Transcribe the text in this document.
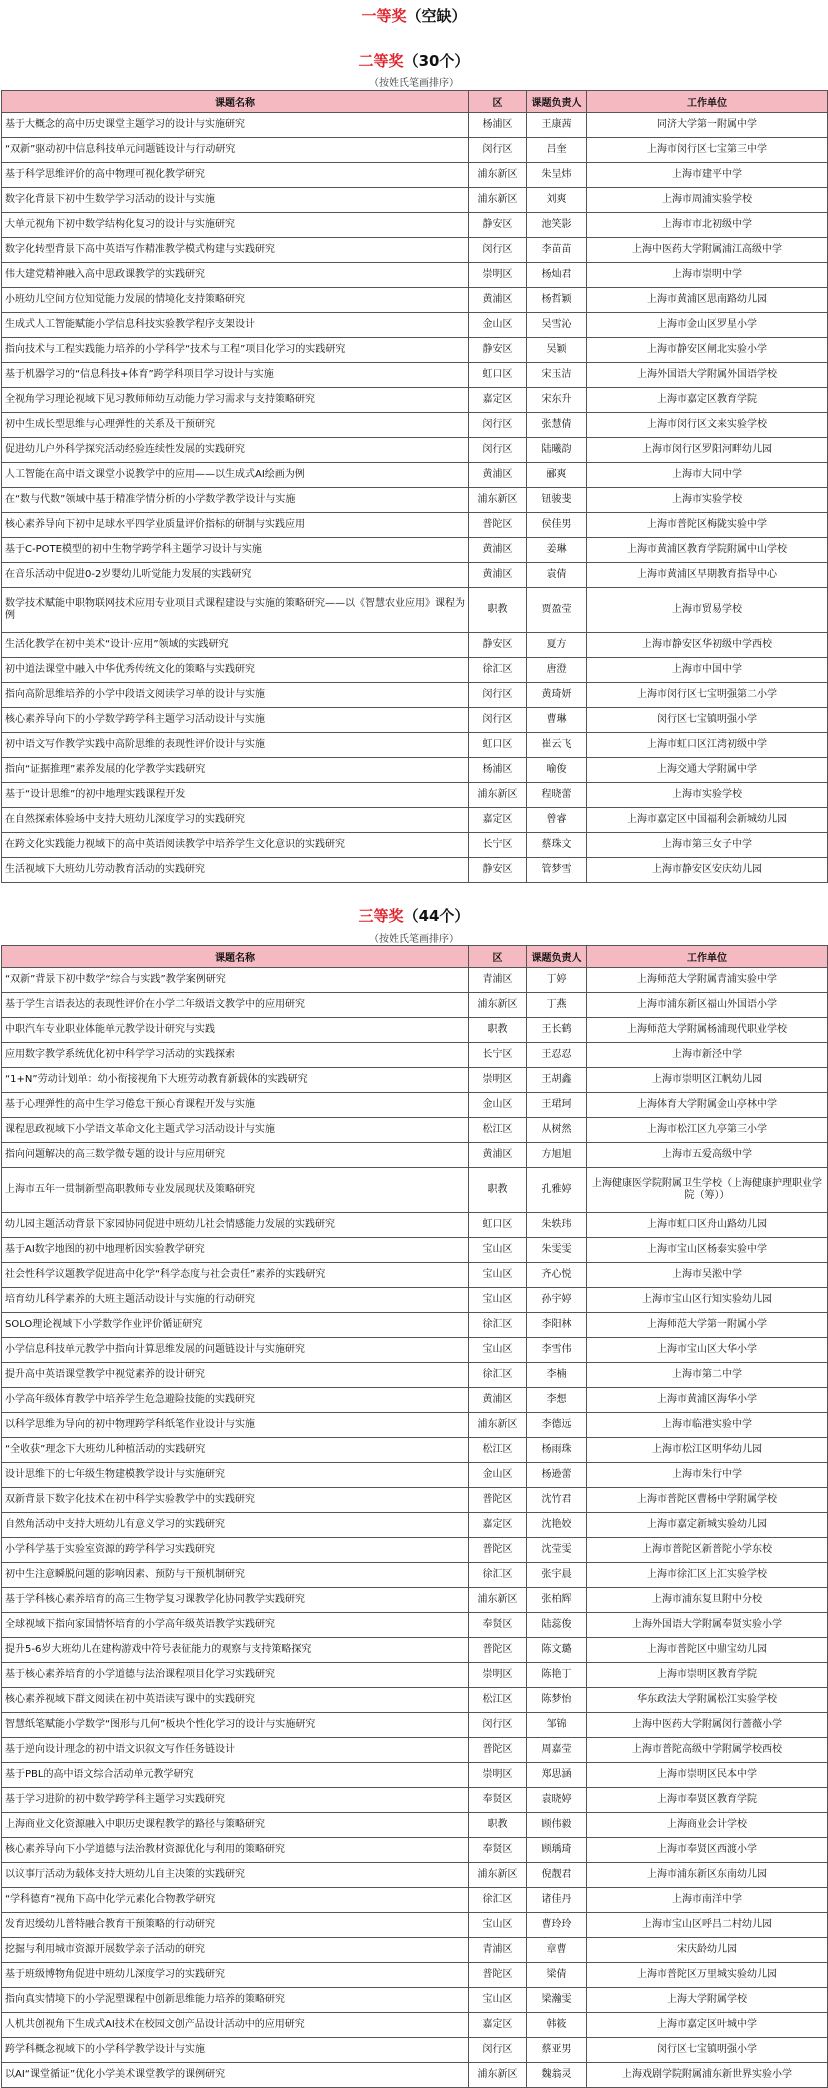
一等奖（空缺）
二等奖（30个）
（按姓氏笔画排序）
课题名称	区	课题负责人	工作单位
基于大概念的高中历史课堂主题学习的设计与实施研究	杨浦区	王康茜	同济大学第一附属中学
“双新”驱动初中信息科技单元问题链设计与行动研究	闵行区	吕奎	上海市闵行区七宝第三中学
基于科学思维评价的高中物理可视化教学研究	浦东新区	朱呈炜	上海市建平中学
数字化背景下初中生数学学习活动的设计与实施	浦东新区	刘爽	上海市周浦实验学校
大单元视角下初中数学结构化复习的设计与实施研究	静安区	池笑影	上海市市北初级中学
数字化转型背景下高中英语写作精准教学模式构建与实践研究	闵行区	李苗苗	上海中医药大学附属浦江高级中学
伟大建党精神融入高中思政课教学的实践研究	崇明区	杨灿君	上海市崇明中学
小班幼儿空间方位知觉能力发展的情境化支持策略研究	黄浦区	杨哲颖	上海市黄浦区思南路幼儿园
生成式人工智能赋能小学信息科技实验教学程序支架设计	金山区	吴雪沁	上海市金山区罗星小学
指向技术与工程实践能力培养的小学科学“技术与工程”项目化学习的实践研究	静安区	吴颖	上海市静安区闸北实验小学
基于机器学习的“信息科技+体育”跨学科项目学习设计与实施	虹口区	宋玉洁	上海外国语大学附属外国语学校
全视角学习理论视域下见习教师师幼互动能力学习需求与支持策略研究	嘉定区	宋东升	上海市嘉定区教育学院
初中生成长型思维与心理弹性的关系及干预研究	闵行区	张慧倩	上海市闵行区文来实验学校
促进幼儿户外科学探究活动经验连续性发展的实践研究	闵行区	陆曦韵	上海市闵行区罗阳河畔幼儿园
人工智能在高中语文课堂小说教学中的应用——以生成式AI绘画为例	黄浦区	郦爽	上海市大同中学
在“数与代数”领域中基于精准学情分析的小学数学教学设计与实施	浦东新区	钮骏斐	上海市实验学校
核心素养导向下初中足球水平四学业质量评价指标的研制与实践应用	普陀区	侯佳男	上海市普陀区梅陇实验中学
基于C-POTE模型的初中生物学跨学科主题学习设计与实施	黄浦区	姜琳	上海市黄浦区教育学院附属中山学校
在音乐活动中促进0-2岁婴幼儿听觉能力发展的实践研究	黄浦区	袁倩	上海市黄浦区早期教育指导中心
数学技术赋能中职物联网技术应用专业项目式课程建设与实施的策略研究——以《智慧农业应用》课程为例	职教	贾盈莹	上海市贸易学校
生活化教学在初中美术“设计·应用”领域的实践研究	静安区	夏方	上海市静安区华初级中学西校
初中道法课堂中融入中华优秀传统文化的策略与实践研究	徐汇区	唐澄	上海市中国中学
指向高阶思维培养的小学中段语文阅读学习单的设计与实施	闵行区	黄琦妍	上海市闵行区七宝明强第二小学
核心素养导向下的小学数学跨学科主题学习活动设计与实施	闵行区	曹琳	闵行区七宝镇明强小学
初中语文写作教学实践中高阶思维的表现性评价设计与实施	虹口区	崔云飞	上海市虹口区江湾初级中学
指向“证据推理”素养发展的化学教学实践研究	杨浦区	喻俊	上海交通大学附属中学
基于“设计思维”的初中地理实践课程开发	浦东新区	程晓蕾	上海市实验学校
在自然探索体验场中支持大班幼儿深度学习的实践研究	嘉定区	曾睿	上海市嘉定区中国福利会新城幼儿园
在跨文化实践能力视域下的高中英语阅读教学中培养学生文化意识的实践研究	长宁区	蔡珠文	上海市第三女子中学
生活视域下大班幼儿劳动教育活动的实践研究	静安区	管梦雪	上海市静安区安庆幼儿园
三等奖（44个）
（按姓氏笔画排序）
课题名称	区	课题负责人	工作单位
“双新”背景下初中数学“综合与实践”教学案例研究	青浦区	丁婷	上海师范大学附属青浦实验中学
基于学生言语表达的表现性评价在小学二年级语文教学中的应用研究	浦东新区	丁燕	上海市浦东新区福山外国语小学
中职汽车专业职业体能单元教学设计研究与实践	职教	王长鹤	上海师范大学附属杨浦现代职业学校
应用数字教学系统优化初中科学学习活动的实践探索	长宁区	王忍忍	上海市新泾中学
“1+N”劳动计划单：幼小衔接视角下大班劳动教育新载体的实践研究	崇明区	王胡鑫	上海市崇明区江帆幼儿园
基于心理弹性的高中生学习倦怠干预心育课程开发与实施	金山区	王珺珂	上海体育大学附属金山亭林中学
课程思政视域下小学语文革命文化主题式学习活动设计与实施	松江区	从树然	上海市松江区九亭第三小学
指向问题解决的高三数学微专题的设计与应用研究	黄浦区	方旭旭	上海市五爱高级中学
上海市五年一贯制新型高职教师专业发展现状及策略研究	职教	孔雅婷	上海健康医学院附属卫生学校（上海健康护理职业学院（筹））
幼儿园主题活动背景下家园协同促进中班幼儿社会情感能力发展的实践研究	虹口区	朱轶玮	上海市虹口区舟山路幼儿园
基于AI数字地图的初中地理析因实验教学研究	宝山区	朱雯雯	上海市宝山区杨泰实验中学
社会性科学议题教学促进高中化学“科学态度与社会责任”素养的实践研究	宝山区	齐心悦	上海市吴淞中学
培育幼儿科学素养的大班主题活动设计与实施的行动研究	宝山区	孙宇婷	上海市宝山区行知实验幼儿园
SOLO理论视域下小学数学作业评价循证研究	徐汇区	李阳林	上海师范大学第一附属小学
小学信息科技单元教学中指向计算思维发展的问题链设计与实施研究	宝山区	李雪伟	上海市宝山区大华小学
提升高中英语课堂教学中视觉素养的设计研究	徐汇区	李楠	上海市第二中学
小学高年级体育教学中培养学生危急避险技能的实践研究	黄浦区	李想	上海市黄浦区海华小学
以科学思维为导向的初中物理跨学科纸笔作业设计与实施	浦东新区	李德远	上海市临港实验中学
“全收获”理念下大班幼儿种植活动的实践研究	松江区	杨雨珠	上海市松江区明华幼儿园
设计思维下的七年级生物建模教学设计与实施研究	金山区	杨逊蕾	上海市朱行中学
双新背景下数字化技术在初中科学实验教学中的实践研究	普陀区	沈竹君	上海市普陀区曹杨中学附属学校
自然角活动中支持大班幼儿有意义学习的实践研究	嘉定区	沈艳姣	上海市嘉定新城实验幼儿园
小学科学基于实验室资源的跨学科学习实践研究	普陀区	沈莹雯	上海市普陀区新普陀小学东校
初中生注意瞬脱问题的影响因素、预防与干预机制研究	徐汇区	张宇晨	上海市徐汇区上汇实验学校
基于学科核心素养培育的高三生物学复习课教学化协同教学实践研究	浦东新区	张柏辉	上海市浦东复旦附中分校
全球视域下指向家国情怀培育的小学高年级英语教学实践研究	奉贤区	陆蕊俊	上海外国语大学附属奉贤实验小学
提升5-6岁大班幼儿在建构游戏中符号表征能力的观察与支持策略探究	普陀区	陈文璐	上海市普陀区中鼎宝幼儿园
基于核心素养培育的小学道德与法治课程项目化学习实践研究	崇明区	陈艳丁	上海市崇明区教育学院
核心素养视域下群文阅读在初中英语读写课中的实践研究	松江区	陈梦怡	华东政法大学附属松江实验学校
智慧纸笔赋能小学数学“图形与几何”板块个性化学习的设计与实施研究	闵行区	邹锦	上海中医药大学附属闵行蔷薇小学
基于逆向设计理念的初中语文识叙文写作任务链设计	普陀区	周嘉莹	上海市普陀高级中学附属学校西校
基于PBL的高中语文综合活动单元教学研究	崇明区	郑思涵	上海市崇明区民本中学
基于学习进阶的初中数学跨学科主题学习实践研究	奉贤区	袁晓婷	上海市奉贤区教育学院
上海商业文化资源融入中职历史课程教学的路径与策略研究	职教	顾伟毅	上海商业会计学校
核心素养导向下小学道德与法治教材资源优化与利用的策略研究	奉贤区	顾瑀琦	上海市奉贤区西渡小学
以议事厅活动为载体支持大班幼儿自主决策的实践研究	浦东新区	倪靓君	上海市浦东新区东南幼儿园
“学科德育”视角下高中化学元素化合物教学研究	徐汇区	诸佳丹	上海市南洋中学
发育迟缓幼儿普特融合教育干预策略的行动研究	宝山区	曹玲玲	上海市宝山区呼吕二村幼儿园
挖掘与利用城市资源开展数学亲子活动的研究	青浦区	章曹	宋庆龄幼儿园
基于班级博物角促进中班幼儿深度学习的实践研究	普陀区	梁倩	上海市普陀区万里城实验幼儿园
指向真实情境下的小学泥塑课程中创新思维能力培养的策略研究	宝山区	梁瀚雯	上海大学附属学校
人机共创视角下生成式AI技术在校园文创产品设计活动中的应用研究	嘉定区	韩筱	上海市嘉定区叶城中学
跨学科概念视域下的小学科学教学设计与实施	闵行区	蔡亚男	闵行区七宝镇明强小学
以AI“课堂循证”优化小学美术课堂教学的课例研究	浦东新区	魏翁灵	上海戏剧学院附属浦东新世界实验小学
